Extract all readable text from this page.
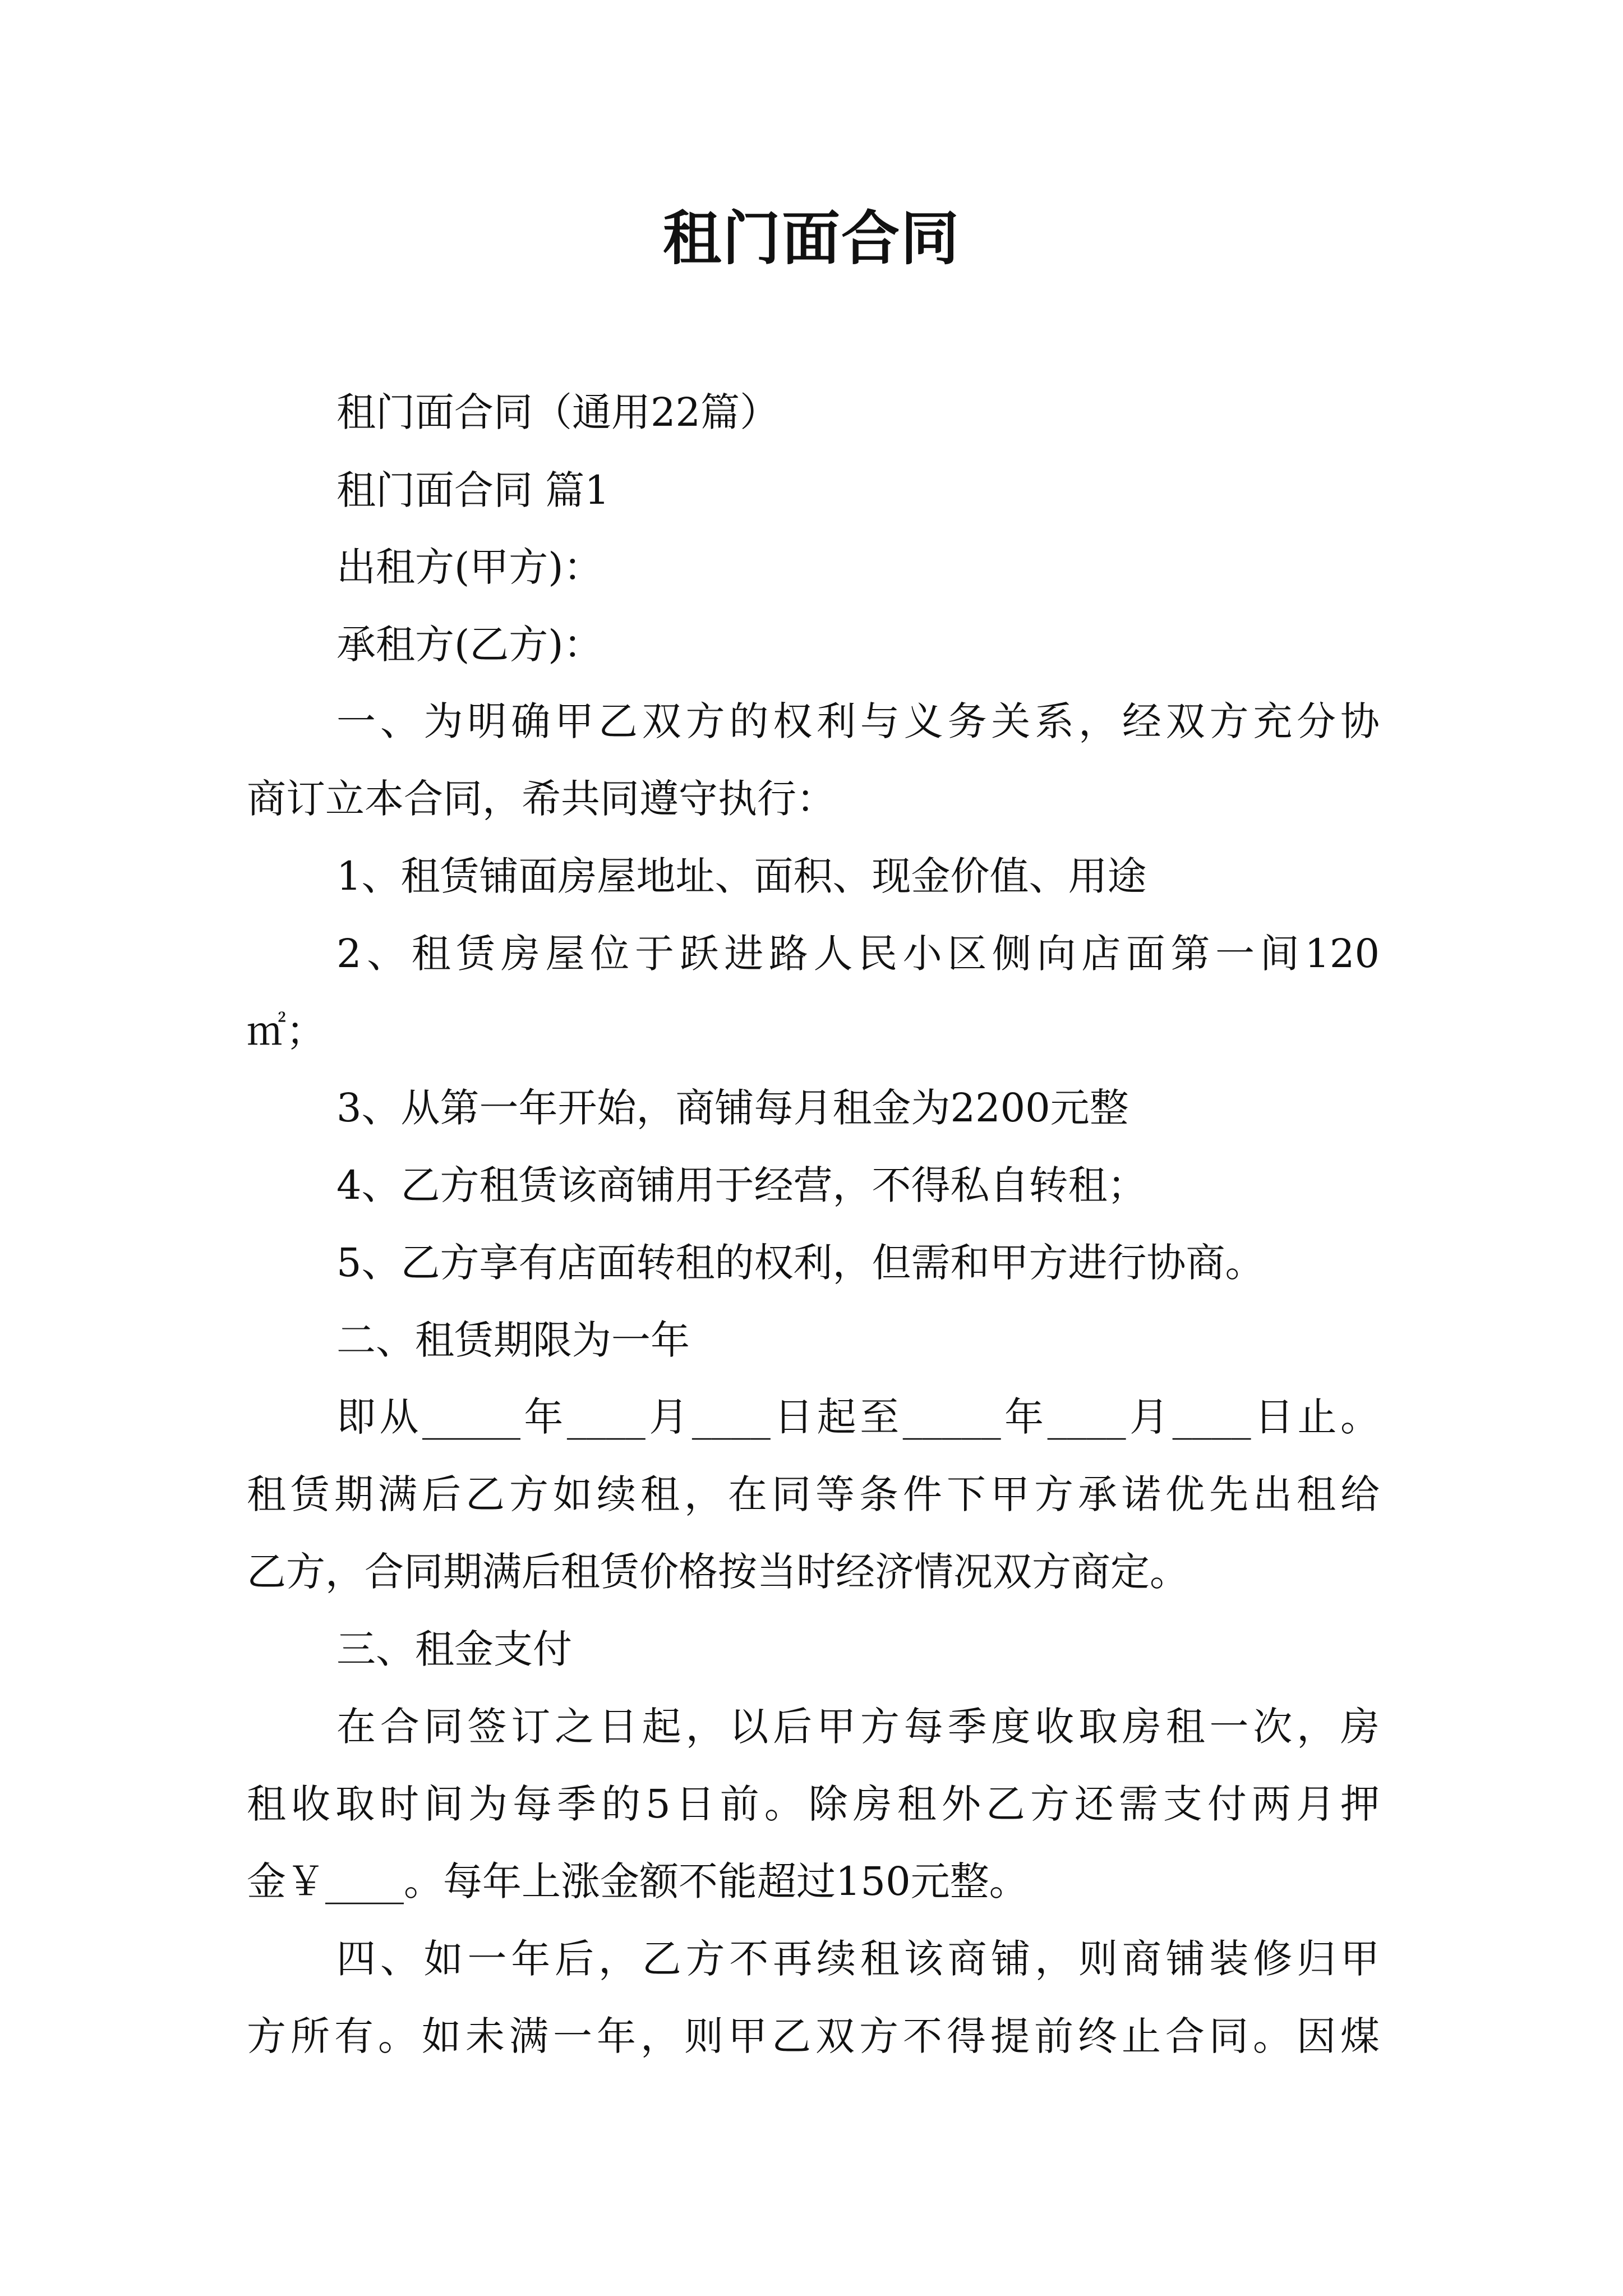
租门面合同

租门面合同（通用22篇）

租门面合同 篇1

出租方(甲方)：

承租方(乙方)：

一、为明确甲乙双方的权利与义务关系，经双方充分协

商订立本合同，希共同遵守执行：

1、租赁铺面房屋地址、面积、现金价值、用途

2、租赁房屋位于跃进路人民小区侧向店面第一间120

㎡；

3、从第一年开始，商铺每月租金为2200元整

4、乙方租赁该商铺用于经营，不得私自转租；

5、乙方享有店面转租的权利，但需和甲方进行协商。

二、租赁期限为一年

即从_____年____月____日起至_____年____月____日止。

租赁期满后乙方如续租，在同等条件下甲方承诺优先出租给

乙方，合同期满后租赁价格按当时经济情况双方商定。

三、租金支付

在合同签订之日起，以后甲方每季度收取房租一次，房

租收取时间为每季的5日前。除房租外乙方还需支付两月押

金￥____。每年上涨金额不能超过150元整。

四、如一年后，乙方不再续租该商铺，则商铺装修归甲

方所有。如未满一年，则甲乙双方不得提前终止合同。因煤
